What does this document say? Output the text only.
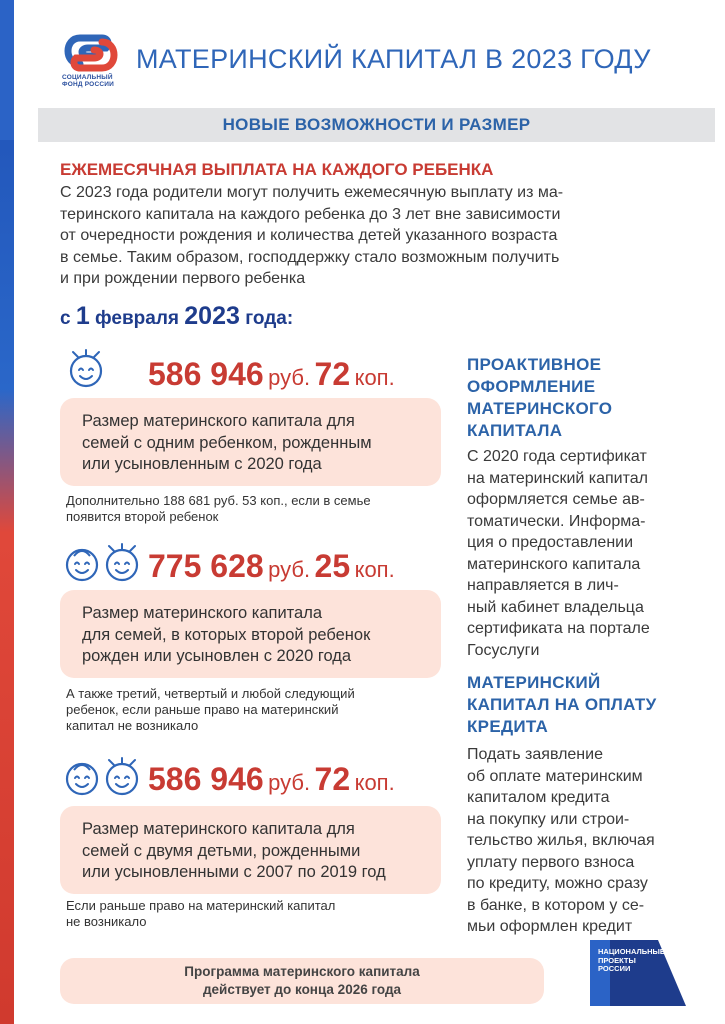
СОЦИАЛЬНЫЙ
ФОНД РОССИИ
МАТЕРИНСКИЙ КАПИТАЛ В 2023 ГОДУ
НОВЫЕ ВОЗМОЖНОСТИ И РАЗМЕР
ЕЖЕМЕСЯЧНАЯ ВЫПЛАТА НА КАЖДОГО РЕБЕНКА
С 2023 года родители могут получить ежемесячную выплату из ма-
теринского капитала на каждого ребенка до 3 лет вне зависимости
от очередности рождения и количества детей указанного возраста
в семье. Таким образом, господдержку стало возможным получить
и при рождении первого ребенка
с 1 февраля 2023 года:
586 946 руб. 72 коп.
Размер материнского капитала для
семей с одним ребенком, рожденным
или усыновленным с 2020 года
Дополнительно 188 681 руб. 53 коп., если в семье
появится второй ребенок
775 628 руб. 25 коп.
Размер материнского капитала
для семей, в которых второй ребенок
рожден или усыновлен с 2020 года
А также третий, четвертый и любой следующий
ребенок, если раньше право на материнский
капитал не возникало
586 946 руб. 72 коп.
Размер материнского капитала для
семей с двумя детьми, рожденными
или усыновленными с 2007 по 2019 год
Если раньше право на материнский капитал
не возникало
ПРОАКТИВНОЕ
ОФОРМЛЕНИЕ
МАТЕРИНСКОГО
КАПИТАЛА
С 2020 года сертификат
на материнский капитал
оформляется семье ав-
томатически. Информа-
ция о предоставлении
материнского капитала
направляется в лич-
ный кабинет владельца
сертификата на портале
Госуслуги
МАТЕРИНСКИЙ
КАПИТАЛ НА ОПЛАТУ
КРЕДИТА
Подать заявление
об оплате материнским
капиталом кредита
на покупку или строи-
тельство жилья, включая
уплату первого взноса
по кредиту, можно сразу
в банке, в котором у се-
мьи оформлен кредит
Программа материнского капитала
действует до конца 2026 года
НАЦИОНАЛЬНЫЕ
ПРОЕКТЫ
РОССИИ
